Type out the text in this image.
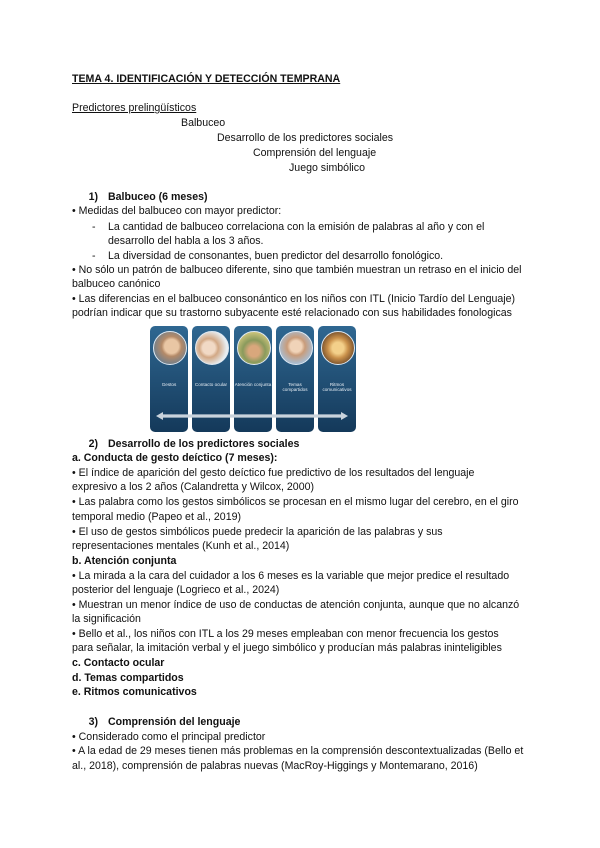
TEMA 4. IDENTIFICACIÓN Y DETECCIÓN TEMPRANA
Predictores prelingüísticos
Balbuceo
Desarrollo de los predictores sociales
Comprensión del lenguaje
Juego simbólico
1) Balbuceo (6 meses)
• Medidas del balbuceo con mayor predictor:
- La cantidad de balbuceo correlaciona con la emisión de palabras al año y con el
desarrollo del habla a los 3 años.
- La diversidad de consonantes, buen predictor del desarrollo fonológico.
• No sólo un patrón de balbuceo diferente, sino que también muestran un retraso en el inicio del
balbuceo canónico
• Las diferencias en el balbuceo consonántico en los niños con ITL (Inicio Tardío del Lenguaje)
podrían indicar que su trastorno subyacente esté relacionado con sus habilidades fonologicas
Gestos	Contacto ocular	Atención conjunta	Temas compartidos
Ritmos comunicativos
2) Desarrollo de los predictores sociales
a. Conducta de gesto deíctico (7 meses):
• El índice de aparición del gesto deíctico fue predictivo de los resultados del lenguaje
expresivo a los 2 años (Calandretta y Wilcox, 2000)
• Las palabra como los gestos simbólicos se procesan en el mismo lugar del cerebro, en el giro
temporal medio (Papeo et al., 2019)
• El uso de gestos simbólicos puede predecir la aparición de las palabras y sus
representaciones mentales (Kunh et al., 2014)
b. Atención conjunta
• La mirada a la cara del cuidador a los 6 meses es la variable que mejor predice el resultado
posterior del lenguaje (Logrieco et al., 2024)
• Muestran un menor índice de uso de conductas de atención conjunta, aunque que no alcanzó
la significación
• Bello et al., los niños con ITL a los 29 meses empleaban con menor frecuencia los gestos
para señalar, la imitación verbal y el juego simbólico y producían más palabras ininteligibles
c. Contacto ocular
d. Temas compartidos
e. Ritmos comunicativos
3) Comprensión del lenguaje
• Considerado como el principal predictor
• A la edad de 29 meses tienen más problemas en la comprensión descontextualizadas (Bello et
al., 2018), comprensión de palabras nuevas (MacRoy-Higgings y Montemarano, 2016)
